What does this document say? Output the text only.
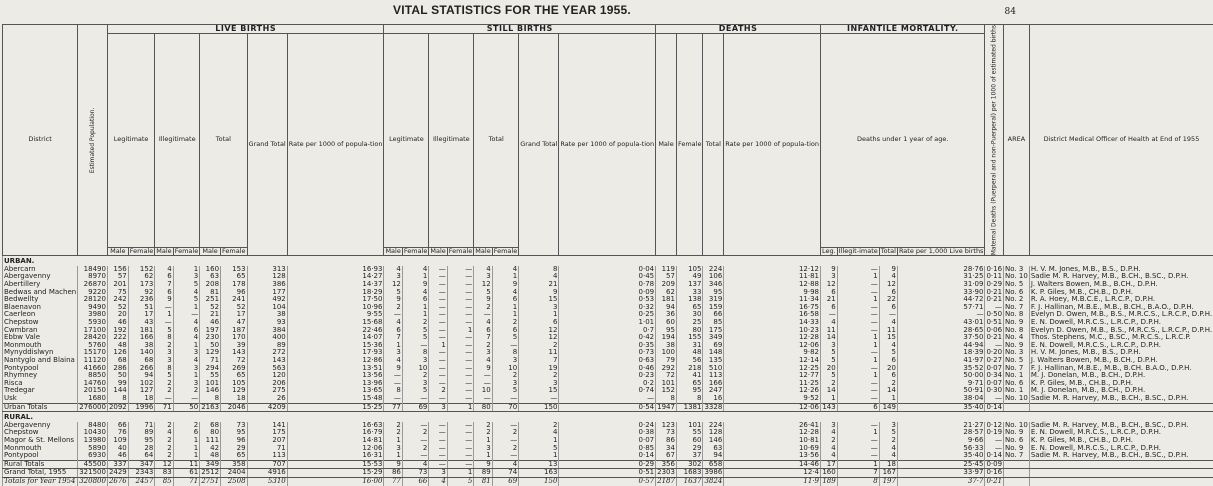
VITAL STATISTICS FOR THE YEAR 1955.	84
District	Estimated Population.	LIVE BIRTHS								STILL BIRTHS								DEATHS				INFANTILE MORTALITY.				Maternal Deaths (Puerperal and non-Puerperal) per 1000 of estimated births	AREA	District Medical Officer of Health at End of 1955
		Legitimate		Illegitimate		Total		Grand Total	Rate per 1000 of popula-tion	Legitimate		Illegitimate		Total		Grand Total	Rate per 1000 of popula-tion	Male	Female	Total	Rate per 1000 of popula-tion	Deaths under 1 year of age.						
		Male	Female	Male	Female	Male	Female			Male	Female	Male	Female	Male	Female							Leg.	Illegit-imate	Total	Rate per 1,000 Live births			
URBAN.																												
Abercarn	18490	156	152	4	1	160	153	313	16·93	4	4	—	—	4	4	8	0·04	119	105	224	12·12	9	—	9	28·76	0·16	No. 3	H. V. M. Jones, M.B., B.S., D.P.H.
Abergavenny	8970	57	62	6	3	63	65	128	14·27	3	1	—	—	3	1	4	0·45	57	49	106	11·81	3	1	4	31·25	0·11	No. 10	Sadie M. R. Harvey, M.B., B.CH., B.SC., D.P.H.
Abertillery	26870	201	173	7	5	208	178	386	14·37	12	9	—	—	12	9	21	0·78	209	137	346	12·88	12	—	12	31·09	0·29	No. 5	J. Walters Bowen, M.B., B.CH., D.P.H.
Bedwas and Machen	9220	75	92	6	4	81	96	177	18·29	5	4	—	—	5	4	9	0·09	62	33	95	9·98	6	—	6	33·90	0·21	No. 6	K. P. Giles, M.B., CH.B., D.P.H.
Bedwellty	28120	242	236	9	5	251	241	492	17·50	9	6	—	—	9	6	15	0·53	181	138	319	11·34	21	1	22	44·72	0·21	No. 2	R. A. Hoey, M.B.C.E., L.R.C.P., D.P.H.
Blaenavon	9490	52	51	—	1	52	52	104	10·96	2	1	—	—	2	1	3	0·32	94	65	159	16·75	6	—	6	57·71	—	No. 7	F. J. Hallinan, M.B.E., M.B., B.CH., B.A.O., D.P.H.
Caerleon	3980	20	17	1	—	21	17	38	9·55	—	1	—	—	—	1	1	0·25	36	30	66	16·58	—	—	—	—	0·50	No. 8	Evelyn D. Owen, M.B., B.S., M.R.C.S., L.R.C.P., D.P.H.
Chepstow	5930	46	43	—	4	46	47	93	15·68	4	2	—	—	4	2	6	1·01	60	25	85	14·33	4	—	4	43·01	0·51	No. 9	E. N. Dowell, M.R.C.S., L.R.C.P., D.P.H.
Cwmbran	17100	192	181	5	6	197	187	384	22·46	6	5	—	1	6	6	12	0·7	95	80	175	10·23	11	—	11	28·65	0·06	No. 8	Evelyn D. Owen, M.B., B.S., M.R.C.S., L.R.C.P., D.P.H.
Ebbw Vale	28420	222	166	8	4	230	170	400	14·07	7	5	—	—	7	5	12	0·42	194	155	349	12·28	14	1	15	37·50	0·21	No. 4	Thos. Stephens, M.C., B.SC., M.R.C.S., L.R.C.P.
Monmouth	5760	48	38	2	1	50	39	89	15·36	1	—	1	—	2	—	2	0·35	38	31	69	12·06	3	1	4	44·94	—	No. 9	E. N. Dowell, M.R.C.S., L.R.C.P., D.P.H.
Mynyddislwyn	15170	126	140	3	3	129	143	272	17·93	3	8	—	—	3	8	11	0·73	100	48	148	9·82	5	—	5	18·39	0·20	No. 3	H. V. M. Jones, M.B., B.S., D.P.H.
Nantyglo and Blaina	11120	68	68	3	4	71	72	143	12·86	4	3	—	—	4	3	7	0·63	79	56	135	12·14	5	1	6	41·97	0·27	No. 5	J. Walters Bowen, M.B., B.CH., D.P.H.
Pontypool	41660	286	266	8	3	294	269	563	13·51	9	10	—	—	9	10	19	0·46	292	218	510	12·25	20	—	20	35·52	0·07	No. 7	F. J. Hallinan, M.B.E., M.B., B.CH. B.A.O., D.P.H.
Rhymney	8850	50	94	5	1	55	65	120	13·56	—	2	—	—	—	2	2	0·23	72	41	113	12·77	5	1	6	50·00	0·34	No. 1	M. J. Donelan, M.B., B.CH., D.P.H.
Risca	14760	99	102	2	3	101	105	206	13·96	—	3	—	—	—	3	3	0·2	101	65	166	11·25	2	—	2	9·71	0·07	No. 6	K. P. Giles, M.B., CH.B., D.P.H.
Tredegar	20150	144	127	2	2	146	129	275	13·65	8	5	2	—	10	5	15	0·74	152	95	247	12·26	14	—	14	50·91	0·30	No. 1	M. J. Donelan, M.B., B.CH., D.P.H.
Usk	1680	8	18	—	—	8	18	26	15·48	—	—	—	—	—	—	—	—	8	8	16	9·52	1	—	1	38·04	—	No. 10	Sadie M. R. Harvey, M.B., B.CH., B.SC., D.P.H.
Urban Totals	276000	2092	1996	71	50	2163	2046	4209	15·25	77	69	3	1	80	70	150	0·54	1947	1381	3328	12·06	143	6	149	35·40	0·14		
RURAL.																												
Abergavenny	8480	66	71	2	2	68	73	141	16·63	2	—	—	—	2	—	2	0·24	123	101	224	26·41	3	—	3	21·27	0·12	No. 10	Sadie M. R. Harvey, M.B., B.CH., B.SC., D.P.H.
Chepstow	10430	76	89	4	6	80	95	175	16·79	2	2	—	—	2	2	4	0·38	73	55	128	12·28	4	1	5	28·57	0·19	No. 9	E. N. Dowell, M.R.C.S., L.R.C.P., D.P.H.
Magor & St. Mellons	13980	109	95	2	1	111	96	207	14·81	1	—	—	—	1	—	1	0·07	86	60	146	10·81	2	—	2	9·66	—	No. 6	K. P. Giles, M.B., CH.B., D.P.H.
Monmouth	5890	40	28	2	1	42	29	71	12·06	3	2	—	—	3	2	5	0·85	34	29	63	10·69	4	—	4	56·33	—	No. 9	E. N. Dowell, M.R.C.S., L.R.C.P., D.P.H.
Pontypool	6930	46	64	2	1	48	65	113	16·31	1	—	—	—	1	—	1	0·14	67	37	94	13·56	4	—	4	35·40	0·14	No. 7	Sadie M. R. Harvey, M.B., B.CH., B.SC., D.P.H.
Rural Totals	45500	337	347	12	11	349	358	707	15·53	9	4	—	—	9	4	13	0·29	356	302	658	14·46	17	1	18	25·45	0·09		
Grand Total, 1955	321500	2429	2343	83	61	2512	2404	4916	15·29	86	73	3	1	89	74	163	0·51	2303	1683	3986	12·4	160	7	167	33·97	0·16		
Totals for Year 1954	320800	2676	2457	85	71	2751	2508	5310	16·00	77	66	4	5	81	69	150	0·57	2187	1637	3824	11·9	189	8	197	37·7	0·21		
